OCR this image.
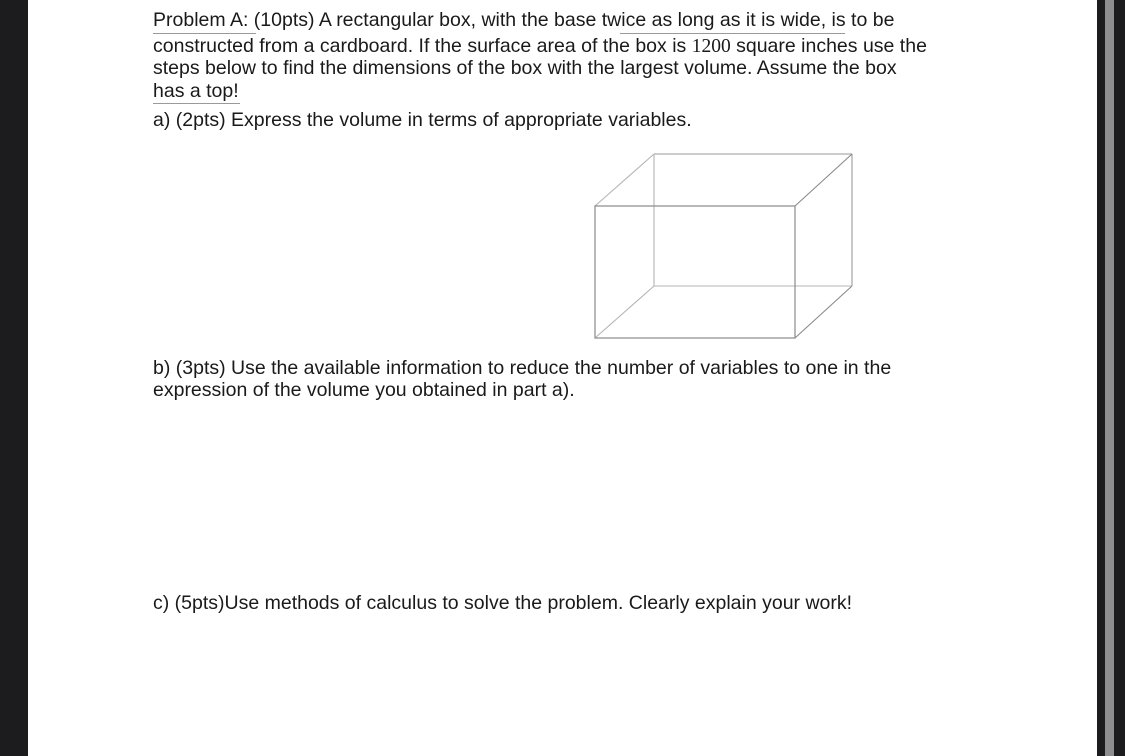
Problem A: (10pts) A rectangular box, with the base twice as long as it is wide, is to be
constructed from a cardboard. If the surface area of the box is 1200 square inches use the
steps below to find the dimensions of the box with the largest volume. Assume the box
has a top!
a) (2pts) Express the volume in terms of appropriate variables.
b) (3pts) Use the available information to reduce the number of variables to one in the
expression of the volume you obtained in part a).
c) (5pts)Use methods of calculus to solve the problem. Clearly explain your work!
